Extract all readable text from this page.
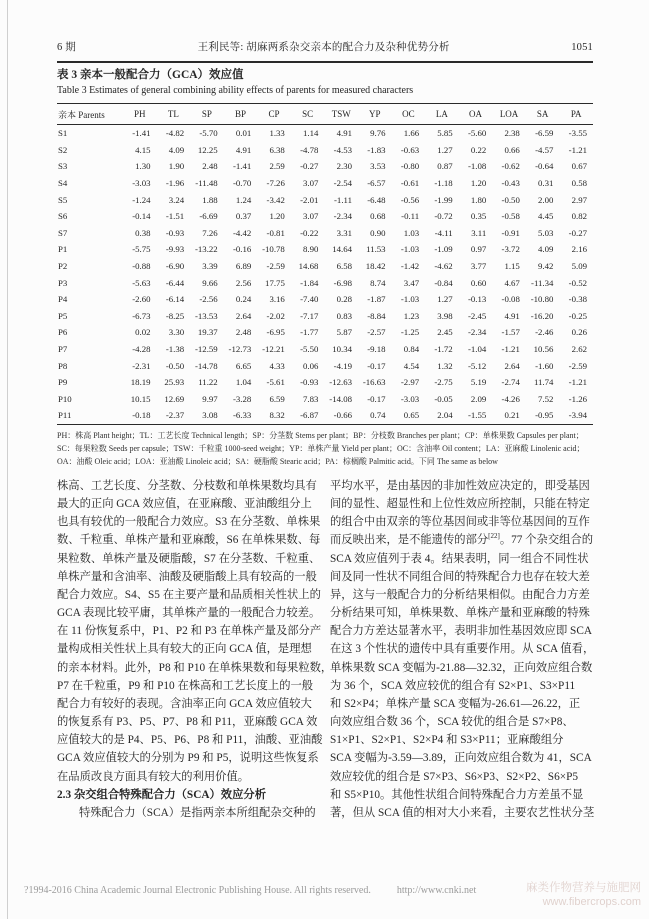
6 期	王利民等: 胡麻两系杂交亲本的配合力及杂种优势分析	1051
表 3 亲本一般配合力（GCA）效应值
Table 3 Estimates of general combining ability effects of parents for measured characters
亲本 Parents	PH	TL	SP	BP	CP	SC	TSW	YP	OC	LA	OA	LOA	SA	PA
S1	-1.41	-4.82	-5.70	0.01	1.33	1.14	4.91	9.76	1.66	5.85	-5.60	2.38	-6.59	-3.55
S2	4.15	4.09	12.25	4.91	6.38	-4.78	-4.53	-1.83	-0.63	1.27	0.22	0.66	-4.57	-1.21
S3	1.30	1.90	2.48	-1.41	2.59	-0.27	2.30	3.53	-0.80	0.87	-1.08	-0.62	-0.64	0.67
S4	-3.03	-1.96	-11.48	-0.70	-7.26	3.07	-2.54	-6.57	-0.61	-1.18	1.20	-0.43	0.31	0.58
S5	-1.24	3.24	1.88	1.24	-3.42	-2.01	-1.11	-6.48	-0.56	-1.99	1.80	-0.50	2.00	2.97
S6	-0.14	-1.51	-6.69	0.37	1.20	3.07	-2.34	0.68	-0.11	-0.72	0.35	-0.58	4.45	0.82
S7	0.38	-0.93	7.26	-4.42	-0.81	-0.22	3.31	0.90	1.03	-4.11	3.11	-0.91	5.03	-0.27
P1	-5.75	-9.93	-13.22	-0.16	-10.78	8.90	14.64	11.53	-1.03	-1.09	0.97	-3.72	4.09	2.16
P2	-0.88	-6.90	3.39	6.89	-2.59	14.68	6.58	18.42	-1.42	-4.62	3.77	1.15	9.42	5.09
P3	-5.63	-6.44	9.66	2.56	17.75	-1.84	-6.98	8.74	3.47	-0.84	0.60	4.67	-11.34	-0.52
P4	-2.60	-6.14	-2.56	0.24	3.16	-7.40	0.28	-1.87	-1.03	1.27	-0.13	-0.08	-10.80	-0.38
P5	-6.73	-8.25	-13.53	2.64	-2.02	-7.17	0.83	-8.84	1.23	3.98	-2.45	4.91	-16.20	-0.25
P6	0.02	3.30	19.37	2.48	-6.95	-1.77	5.87	-2.57	-1.25	2.45	-2.34	-1.57	-2.46	0.26
P7	-4.28	-1.38	-12.59	-12.73	-12.21	-5.50	10.34	-9.18	0.84	-1.72	-1.04	-1.21	10.56	2.62
P8	-2.31	-0.50	-14.78	6.65	4.33	0.06	-4.19	-0.17	4.54	1.32	-5.12	2.64	-1.60	-2.59
P9	18.19	25.93	11.22	1.04	-5.61	-0.93	-12.63	-16.63	-2.97	-2.75	5.19	-2.74	11.74	-1.21
P10	10.15	12.69	9.97	-3.28	6.59	7.83	-14.08	-0.17	-3.03	-0.05	2.09	-4.26	7.52	-1.26
P11	-0.18	-2.37	3.08	-6.33	8.32	-6.87	-0.66	0.74	0.65	2.04	-1.55	0.21	-0.95	-3.94
PH：株高 Plant height；TL：工艺长度 Technical length；SP：分茎数 Stems per plant；BP：分枝数 Branches per plant；CP：单株果数 Capsules per plant；
SC：每果粒数 Seeds per capsule；TSW：千粒重 1000-seed weight；YP：单株产量 Yield per plant；OC：含油率 Oil content；LA：亚麻酸 Linolenic acid；
OA：油酸 Oleic acid；LOA：亚油酸 Linoleic acid；SA：硬脂酸 Stearic acid；PA：棕榈酸 Palmitic acid。下同 The same as below
株高、工艺长度、分茎数、分枝数和单株果数均具有
最大的正向 GCA 效应值，在亚麻酸、亚油酸组分上
也具有较优的一般配合力效应。S3 在分茎数、单株果
数、千粒重、单株产量和亚麻酸，S6 在单株果数、每
果粒数、单株产量及硬脂酸，S7 在分茎数、千粒重、
单株产量和含油率、油酸及硬脂酸上具有较高的一般
配合力效应。S4、S5 在主要产量和品质相关性状上的
GCA 表现比较平庸，其单株产量的一般配合力较差。
在 11 份恢复系中，P1、P2 和 P3 在单株产量及部分产
量构成相关性状上具有较大的正向 GCA 值，是理想
的亲本材料。此外，P8 和 P10 在单株果数和每果粒数，
P7 在千粒重，P9 和 P10 在株高和工艺长度上的一般
配合力有较好的表现。含油率正向 GCA 效应值较大
的恢复系有 P3、P5、P7、P8 和 P11，亚麻酸 GCA 效
应值较大的是 P4、P5、P6、P8 和 P11，油酸、亚油酸
GCA 效应值较大的分别为 P9 和 P5，说明这些恢复系
在品质改良方面具有较大的利用价值。
2.3 杂交组合特殊配合力（SCA）效应分析
特殊配合力（SCA）是指两亲本所组配杂交种的
平均水平，是由基因的非加性效应决定的，即受基因
间的显性、超显性和上位性效应所控制，只能在特定
的组合中由双亲的等位基因间或非等位基因间的互作
而反映出来，是不能遗传的部分[22]。77 个杂交组合的
SCA 效应值列于表 4。结果表明，同一组合不同性状
间及同一性状不同组合间的特殊配合力也存在较大差
异，这与一般配合力的分析结果相似。由配合力方差
分析结果可知，单株果数、单株产量和亚麻酸的特殊
配合力方差达显著水平，表明非加性基因效应即 SCA
在这 3 个性状的遗传中具有重要作用。从 SCA 值看，
单株果数 SCA 变幅为-21.88—32.32，正向效应组合数
为 36 个，SCA 效应较优的组合有 S2×P1、S3×P11
和 S2×P4；单株产量 SCA 变幅为-26.61—26.22，正
向效应组合数 36 个，SCA 较优的组合是 S7×P8、
S1×P1、S2×P1、S2×P4 和 S3×P11；亚麻酸组分
SCA 变幅为-3.59—3.89，正向效应组合数为 41，SCA
效应较优的组合是 S7×P3、S6×P3、S2×P2、S6×P5
和 S5×P10。其他性状组合间特殊配合力方差虽不显
著，但从 SCA 值的相对大小来看，主要农艺性状分茎
?1994-2016 China Academic Journal Electronic Publishing House. All rights reserved.	http://www.cnki.net	麻类作物营养与施肥网
www.fibercrops.com
